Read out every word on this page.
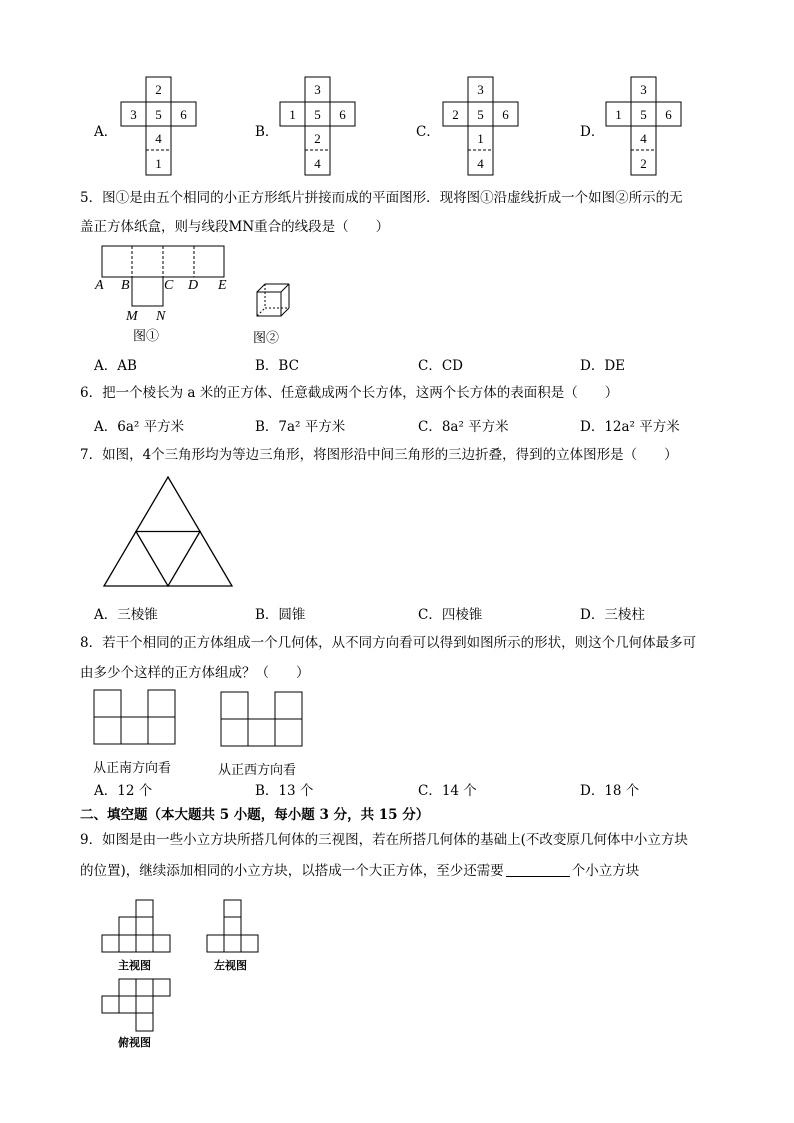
A．
2
3 5 6
4
1
B．
3
1 5 6
2
4
C．
3
2 5 6
1
4
D．
3
1 5 6
4
2
5．图①是由五个相同的小正方形纸片拼接而成的平面图形．现将图①沿虚线折成一个如图②所示的无
盖正方体纸盒，则与线段MN重合的线段是（　　）
A B C D E
M N
图①	图②
A．AB	B．BC	C．CD	D．DE
6．把一个棱长为 a 米的正方体、任意截成两个长方体，这两个长方体的表面积是（　　）
A．6a² 平方米	B．7a² 平方米	C．8a² 平方米	D．12a² 平方米
7．如图，4个三角形均为等边三角形，将图形沿中间三角形的三边折叠，得到的立体图形是（　　）
A．三棱锥	B．圆锥	C．四棱锥	D．三棱柱
8．若干个相同的正方体组成一个几何体，从不同方向看可以得到如图所示的形状，则这个几何体最多可
由多少个这样的正方体组成？（　　）
从正南方向看	从正西方向看
A．12 个	B．13 个	C．14 个	D．18 个
二、填空题（本大题共 5 小题，每小题 3 分，共 15 分）
9．如图是由一些小立方块所搭几何体的三视图，若在所搭几何体的基础上(不改变原几何体中小立方块
的位置)，继续添加相同的小立方块，以搭成一个大正方体，至少还需要	个小立方块
主视图	左视图
俯视图
